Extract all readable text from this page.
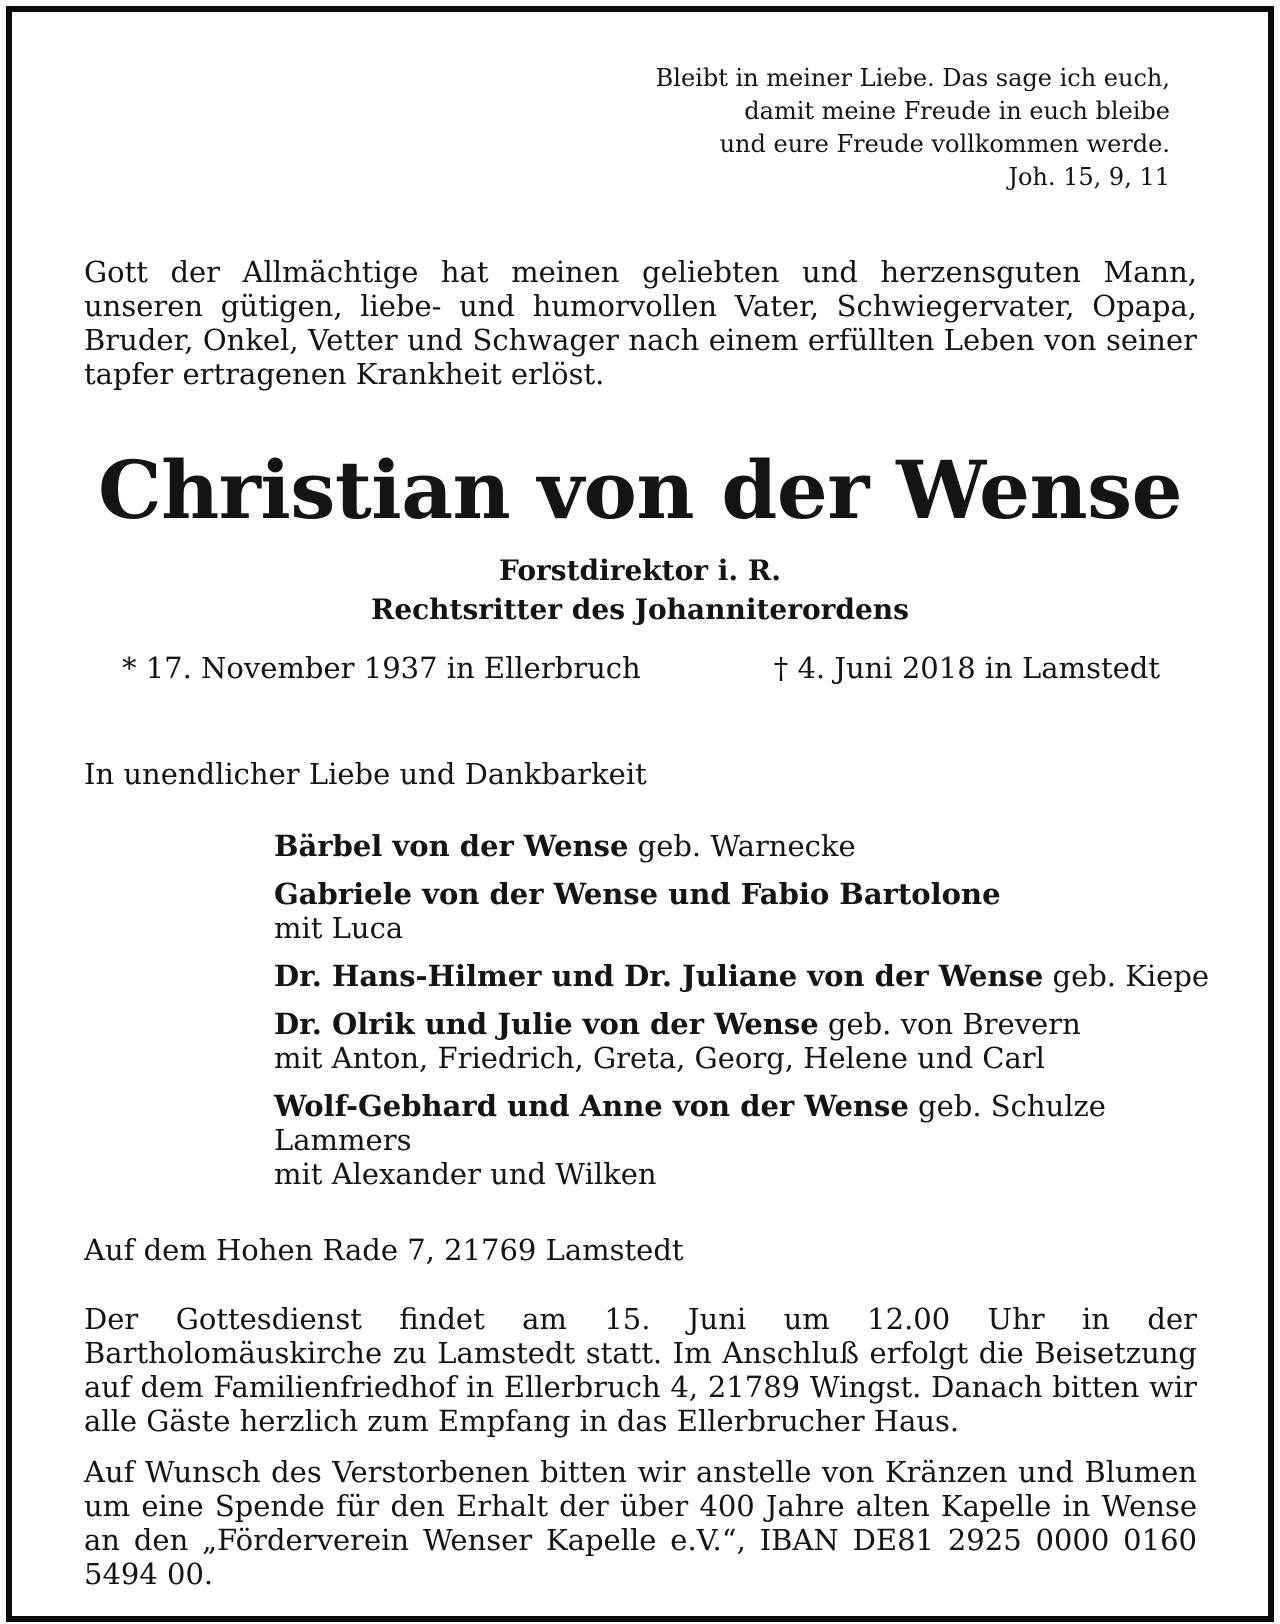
Bleibt in meiner Liebe. Das sage ich euch,
damit meine Freude in euch bleibe
und eure Freude vollkommen werde.
Joh. 15, 9, 11
Gott der Allmächtige hat meinen geliebten und herzensguten Mann, unseren gütigen, liebe- und humorvollen Vater, Schwiegervater, Opapa, Bruder, Onkel, Vetter und Schwager nach einem erfüllten Leben von seiner tapfer ertragenen Krankheit erlöst.
Christian von der Wense
Forstdirektor i. R.
Rechtsritter des Johanniterordens
* 17. November 1937 in Ellerbruch	† 4. Juni 2018 in Lamstedt
In unendlicher Liebe und Dankbarkeit
Bärbel von der Wense geb. Warnecke
Gabriele von der Wense und Fabio Bartolone
mit Luca
Dr. Hans-Hilmer und Dr. Juliane von der Wense geb. Kiepe
Dr. Olrik und Julie von der Wense geb. von Brevern
mit Anton, Friedrich, Greta, Georg, Helene und Carl
Wolf-Gebhard und Anne von der Wense geb. Schulze Lammers
mit Alexander und Wilken
Auf dem Hohen Rade 7, 21769 Lamstedt
Der Gottesdienst findet am 15. Juni um 12.00 Uhr in der Bartholomäuskirche zu Lamstedt statt. Im Anschluß erfolgt die Beisetzung auf dem Familienfriedhof in Ellerbruch 4, 21789 Wingst. Danach bitten wir alle Gäste herzlich zum Empfang in das Ellerbrucher Haus.
Auf Wunsch des Verstorbenen bitten wir anstelle von Kränzen und Blumen um eine Spende für den Erhalt der über 400 Jahre alten Kapelle in Wense an den „Förderverein Wenser Kapelle e.V.“, IBAN DE81 2925 0000 0160 5494 00.
